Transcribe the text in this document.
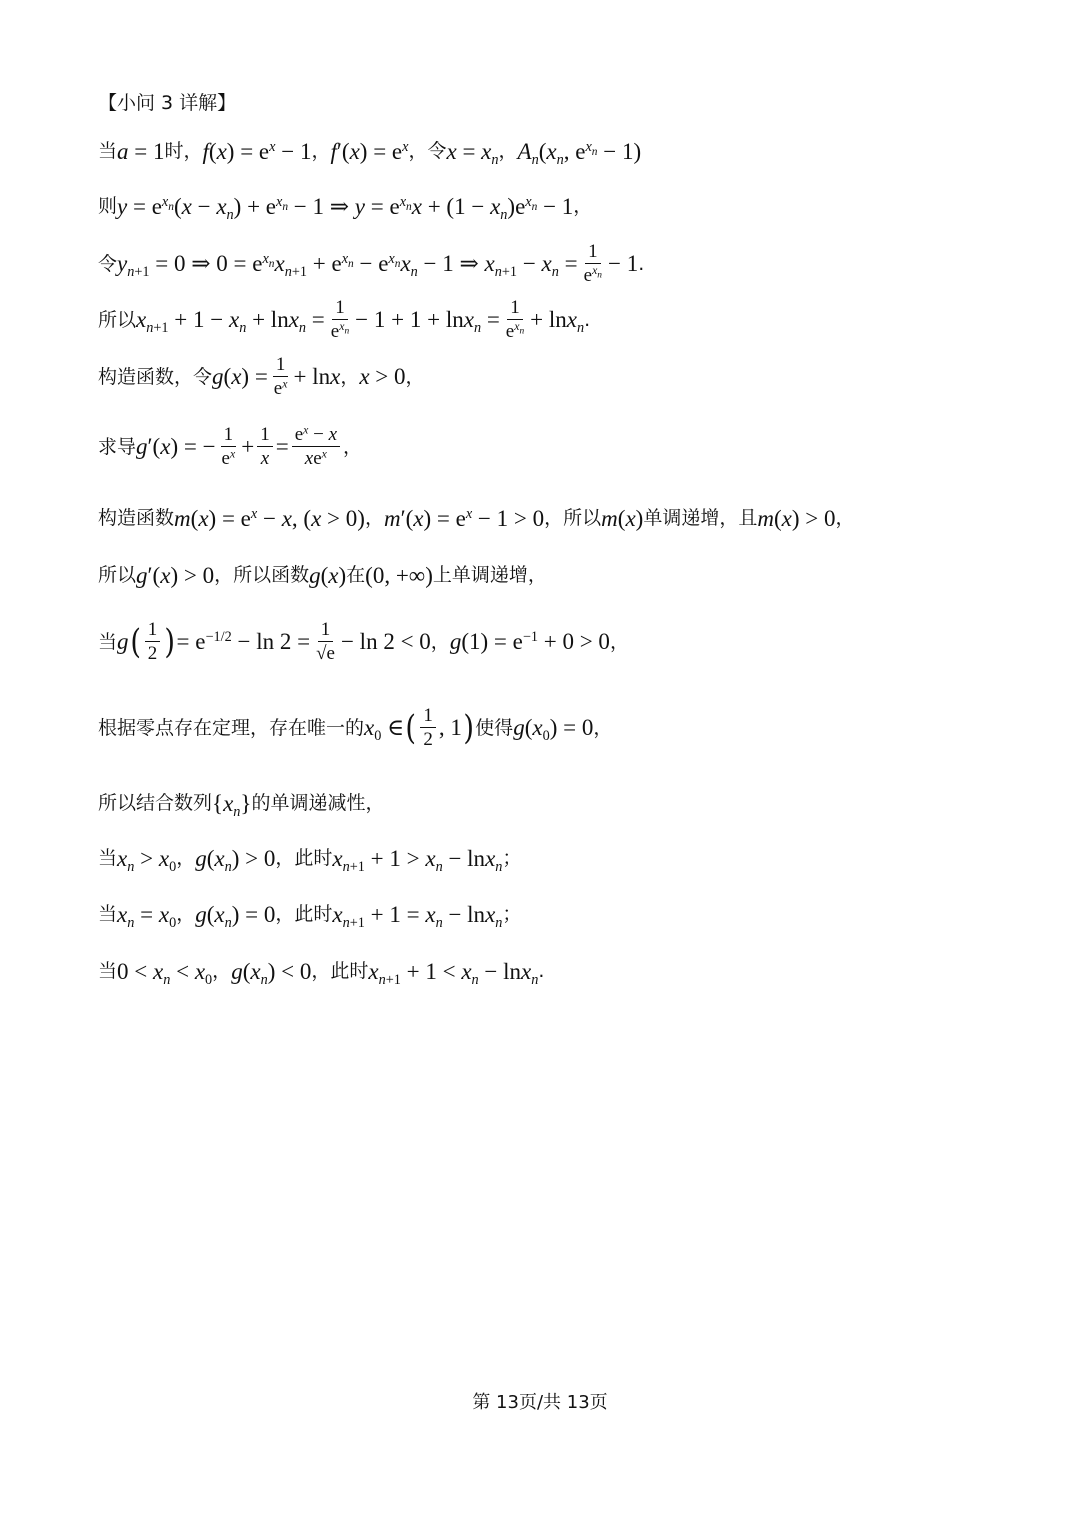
【小问 3 详解】
当 a = 1 时， $f(x) = e^x - 1$ ， $f'(x) = e^x$ ，令 $x = x_n$ ， $A_n(x_n$, $e^{x_n} - 1$)
则 $y = e^{x_n}(x - x_n) + e^{x_n} - 1$ ⇒ $y = e^{x_n}x + (1 - x_n)e^{x_n} - 1$ ，
令 $y_{n+1} = 0$ ⇒ $0 = e^{x_n}x_{n+1} + e^{x_n} - e^{x_n}x_n - 1$ ⇒ $x_{n+1} - x_n = \frac{1}{e^{x_n}} - 1$ .
所以 $x_{n+1} + 1 - x_n + \ln x_n = \frac{1}{e^{x_n}} - 1 + 1 + \ln x_n = \frac{1}{e^{x_n}} + \ln x_n$ .
构造函数，令 $g(x) = \frac{1}{e^x} + \ln x$ ， x > 0 ，
求导 g′(x) = − $\frac{1}{e^x} + \frac{1}{x} = \frac{e^x - x}{xe^x}$ ，
构造函数 $m(x) = e^x - x$, (x > 0) ， $m'(x) = e^x - 1 > 0$ ，所以 m(x) 单调递增，且 m(x) > 0 ，
所以 g′(x) > 0 ，所以函数 g(x) 在 (0, +∞) 上单调递增，
当 g ( $\frac{1}{2}$ ) = $e^{-1/2} - \ln 2 = \frac{1}{√e} - \ln 2 < 0$ ， $g(1) = e^{-1} + 0 > 0$ ，
根据零点存在定理，存在唯一的 $x_0$ ∈ ( $\frac{1}{2}$ , 1 ) 使得 $g(x_0) = 0$ ，
所以结合数列 $\{x_n\}$ 的单调递减性，
当 $x_n > x_0$ ， $g(x_n) > 0$ ，此时 $x_{n+1} + 1 > x_n - \ln x_n$ ；
当 $x_n = x_0$ ， $g(x_n) = 0$ ，此时 $x_{n+1} + 1 = x_n - \ln x_n$ ；
当 $0 < x_n < x_0$ ， $g(x_n) < 0$ ，此时 $x_{n+1} + 1 < x_n - \ln x_n$ .
第 13页/共 13页
